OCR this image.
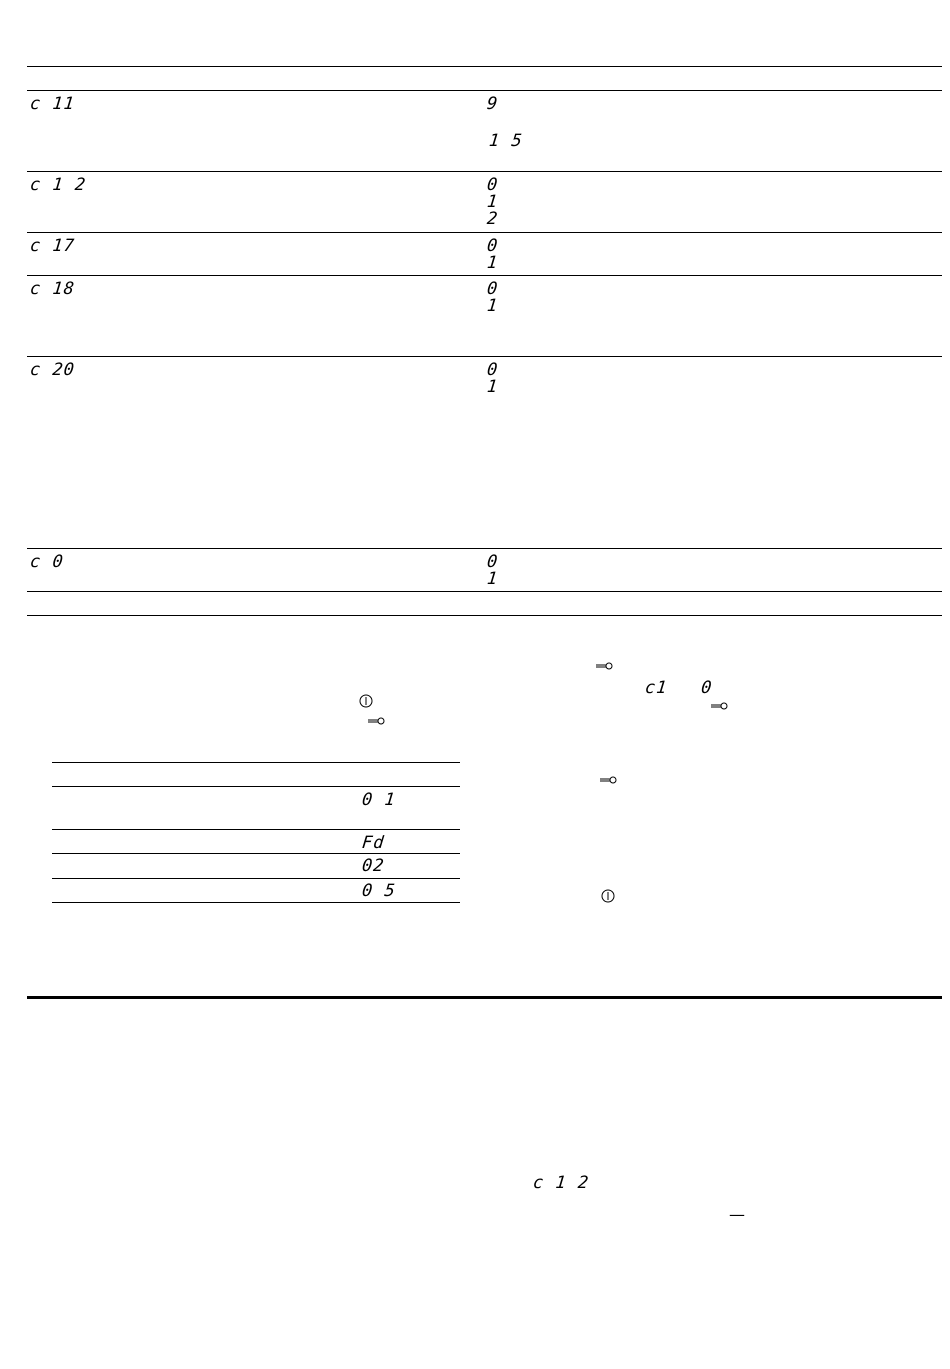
c 11	9
1 5
c 1 2	0
1
2
c 17	0
1
c 18	0
1
c 20	0
1
c 0	0
1
0 1
Fd
02
0 5
c1   0
c 1 2
—
